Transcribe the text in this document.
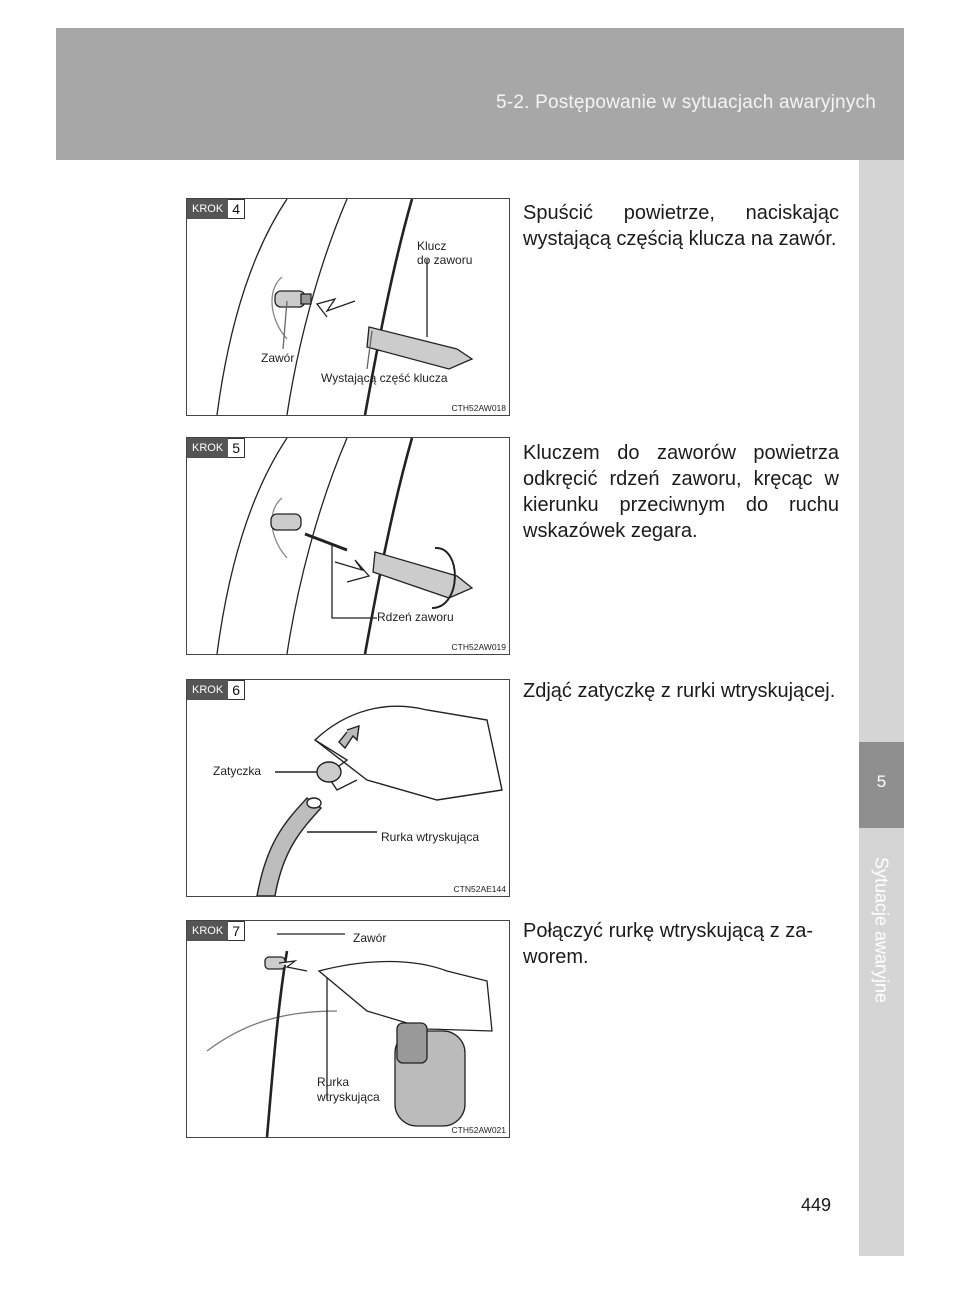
5-2. Postępowanie w sytuacjach awaryjnych
5
Sytuacje awaryjne
KROK 4
Klucz
do zaworu
Zawór
Wystającą część klucza
CTH52AW018
Spuścić powietrze, naciskając wystającą częścią klucza na zawór.
KROK 5
Rdzeń zaworu
CTH52AW019
Kluczem do zaworów powietrza odkręcić rdzeń zaworu, kręcąc w kierunku przeciwnym do ruchu wskazówek zegara.
KROK 6
Zatyczka
Rurka wtryskująca
CTN52AE144
Zdjąć zatyczkę z rurki wtryskującej.
KROK 7	Zawór
Rurka
wtryskująca
CTH52AW021
Połączyć rurkę wtryskującą z za-worem.
449
